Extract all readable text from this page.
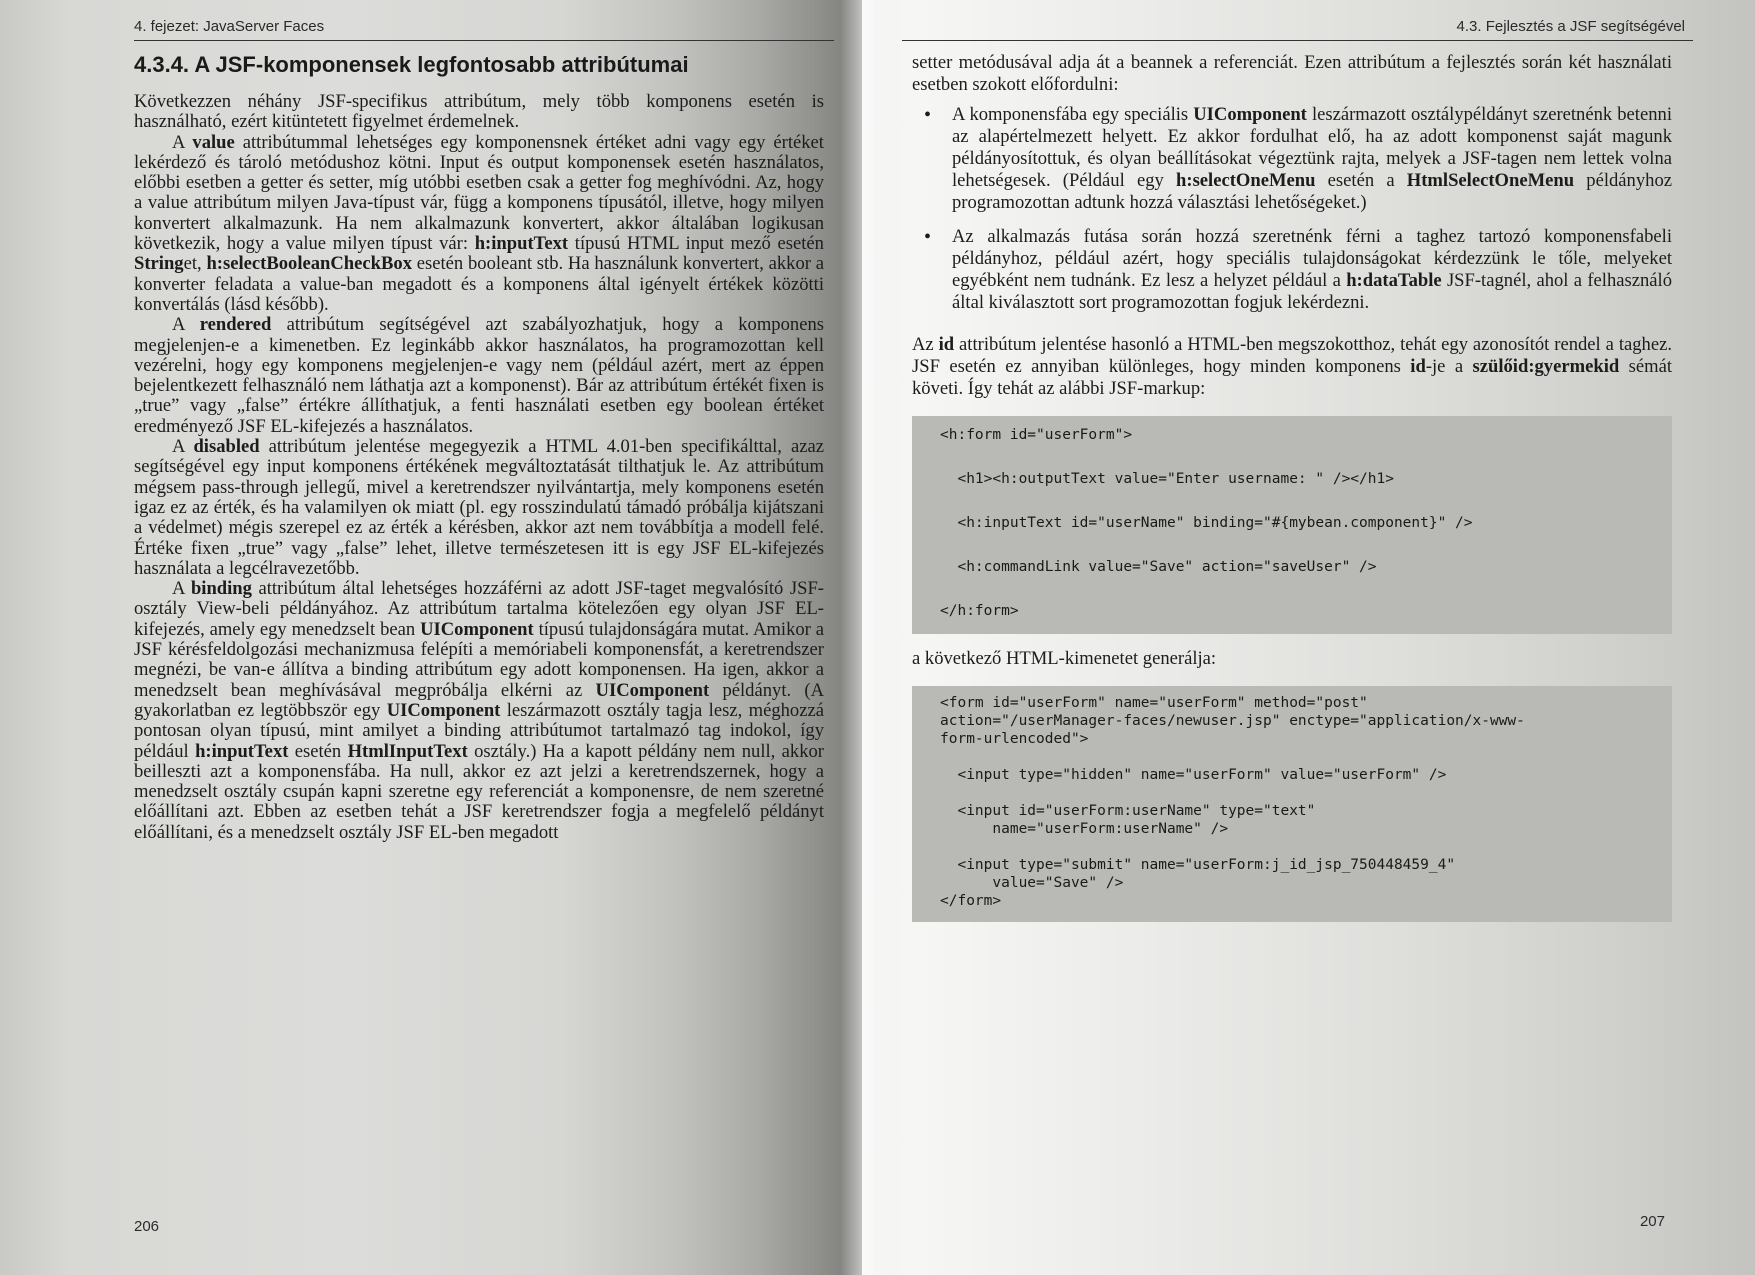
4. fejezet: JavaServer Faces
4.3.4. A JSF-komponensek legfontosabb attribútumai

Következzen néhány JSF-specifikus attribútum, mely több komponens esetén is használható, ezért kitüntetett figyelmet érdemelnek.

A value attribútummal lehetséges egy komponensnek értéket adni vagy egy értéket lekérdező és tároló metódushoz kötni. Input és output komponensek esetén használatos, előbbi esetben a getter és setter, míg utóbbi esetben csak a getter fog meghívódni. Az, hogy a value attribútum milyen Java-típust vár, függ a komponens típusától, illetve, hogy milyen konvertert alkalmazunk. Ha nem alkalmazunk konvertert, akkor általában logikusan következik, hogy a value milyen típust vár: h:inputText típusú HTML input mező esetén Stringet, h:selectBooleanCheckBox esetén booleant stb. Ha használunk konvertert, akkor a konverter feladata a value-ban megadott és a komponens által igényelt értékek közötti konvertálás (lásd később).

A rendered attribútum segítségével azt szabályozhatjuk, hogy a komponens megjelenjen-e a kimenetben. Ez leginkább akkor használatos, ha programozottan kell vezérelni, hogy egy komponens megjelenjen-e vagy nem (például azért, mert az éppen bejelentkezett felhasználó nem láthatja azt a komponenst). Bár az attribútum értékét fixen is „true” vagy „false” értékre állíthatjuk, a fenti használati esetben egy boolean értéket eredményező JSF EL-kifejezés a használatos.

A disabled attribútum jelentése megegyezik a HTML 4.01-ben specifikálttal, azaz segítségével egy input komponens értékének megváltoztatását tilthatjuk le. Az attribútum mégsem pass-through jellegű, mivel a keretrendszer nyilvántartja, mely komponens esetén igaz ez az érték, és ha valamilyen ok miatt (pl. egy rosszindulatú támadó próbálja kijátszani a védelmet) mégis szerepel ez az érték a kérésben, akkor azt nem továbbítja a modell felé. Értéke fixen „true” vagy „false” lehet, illetve természetesen itt is egy JSF EL-kifejezés használata a legcélravezetőbb.

A binding attribútum által lehetséges hozzáférni az adott JSF-taget megvalósító JSF-osztály View-beli példányához. Az attribútum tartalma kötelezően egy olyan JSF EL-kifejezés, amely egy menedzselt bean UIComponent típusú tulajdonságára mutat. Amikor a JSF kérésfeldolgozási mechanizmusa felépíti a memóriabeli komponensfát, a keretrendszer megnézi, be van-e állítva a binding attribútum egy adott komponensen. Ha igen, akkor a menedzselt bean meghívásával megpróbálja elkérni az UIComponent példányt. (A gyakorlatban ez legtöbbször egy UIComponent leszármazott osztály tagja lesz, méghozzá pontosan olyan típusú, mint amilyet a binding attribútumot tartalmazó tag indokol, így például h:inputText esetén HtmlInputText osztály.) Ha a kapott példány nem null, akkor beilleszti azt a komponensfába. Ha null, akkor ez azt jelzi a keretrendszernek, hogy a menedzselt osztály csupán kapni szeretne egy referenciát a komponensre, de nem szeretné előállítani azt. Ebben az esetben tehát a JSF keretrendszer fogja a megfelelő példányt előállítani, és a menedzselt osztály JSF EL-ben megadott

206
4.3. Fejlesztés a JSF segítségével

setter metódusával adja át a beannek a referenciát. Ezen attribútum a fejlesztés során két használati esetben szokott előfordulni:

• A komponensfába egy speciális UIComponent leszármazott osztálypéldányt szeretnénk betenni az alapértelmezett helyett. Ez akkor fordulhat elő, ha az adott komponenst saját magunk példányosítottuk, és olyan beállításokat végeztünk rajta, melyek a JSF-tagen nem lettek volna lehetségesek. (Például egy h:selectOneMenu esetén a HtmlSelectOneMenu példányhoz programozottan adtunk hozzá választási lehetőségeket.)
• Az alkalmazás futása során hozzá szeretnénk férni a taghez tartozó komponensfabeli példányhoz, például azért, hogy speciális tulajdonságokat kérdezzünk le tőle, melyeket egyébként nem tudnánk. Ez lesz a helyzet például a h:dataTable JSF-tagnél, ahol a felhasználó által kiválasztott sort programozottan fogjuk lekérdezni.

Az id attribútum jelentése hasonló a HTML-ben megszokotthoz, tehát egy azonosítót rendel a taghez. JSF esetén ez annyiban különleges, hogy minden komponens id-je a szülőid:gyermekid sémát követi. Így tehát az alábbi JSF-markup:

<h:form id="userForm">
<h1><h:outputText value="Enter username: " /></h1>
<h:inputText id="userName" binding="#{mybean.component}" />
<h:commandLink value="Save" action="saveUser" />
</h:form>

a következő HTML-kimenetet generálja:

<form id="userForm" name="userForm" method="post"
action="/userManager-faces/newuser.jsp" enctype="application/x-www-
form-urlencoded">
<input type="hidden" name="userForm" value="userForm" />
<input id="userForm:userName" type="text"
name="userForm:userName" />
<input type="submit" name="userForm:j_id_jsp_750448459_4"
value="Save" />
</form>
207
